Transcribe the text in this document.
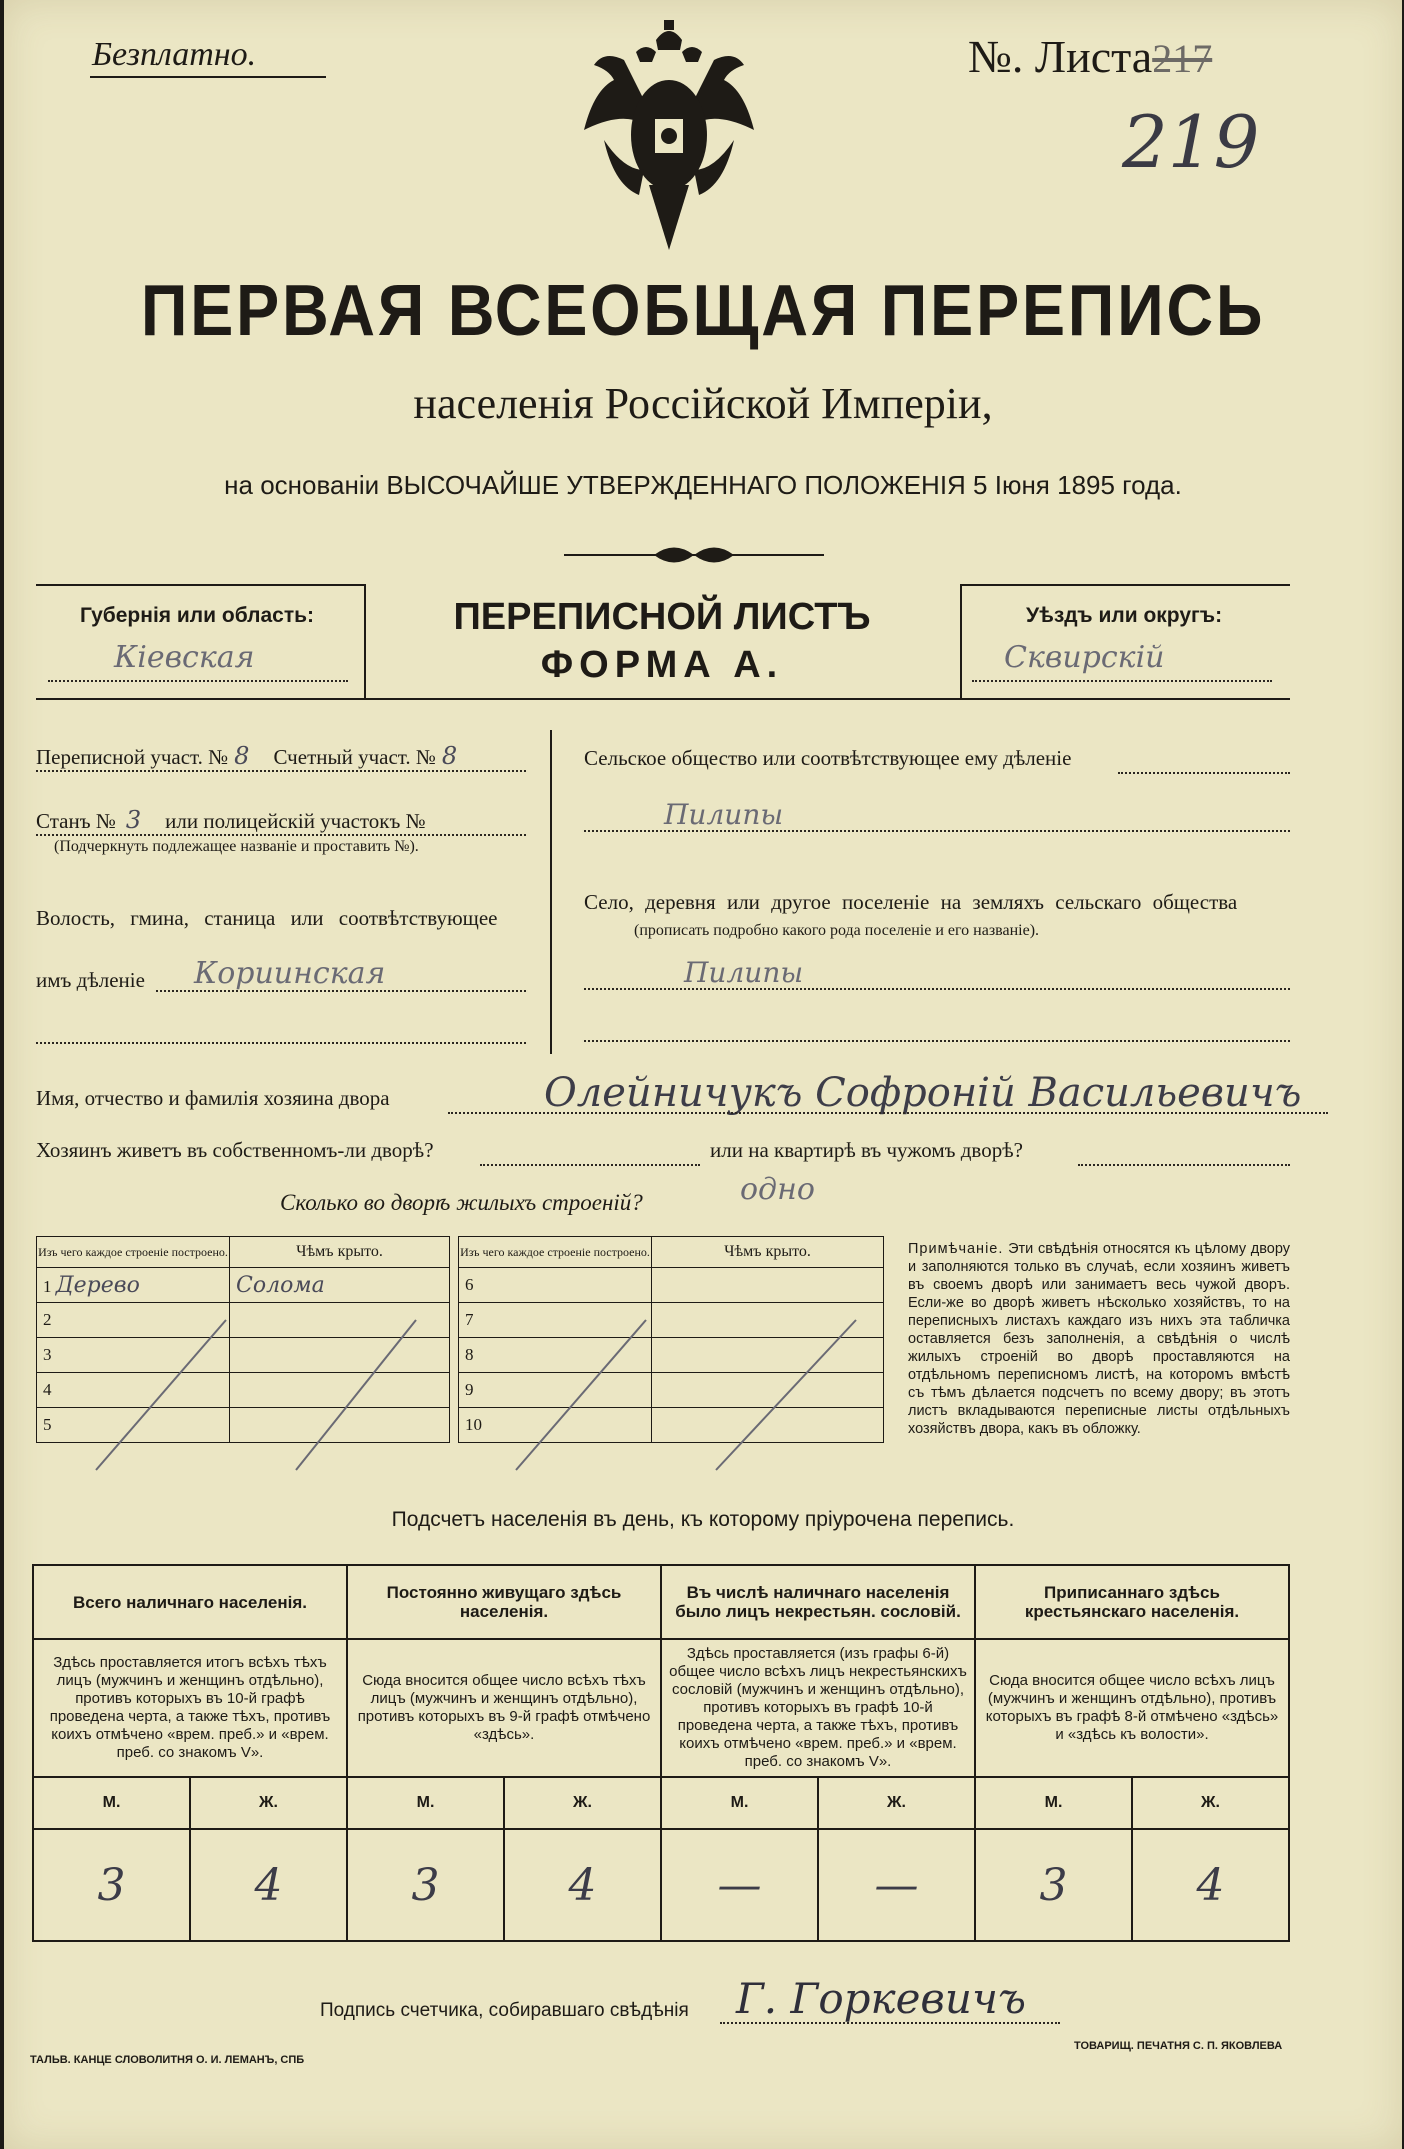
Безплатно.	№. Листа217
219
ПЕРВАЯ ВСЕОБЩАЯ ПЕРЕПИСЬ
населенія Россійской Имперіи,
на основаніи ВЫСОЧАЙШЕ УТВЕРЖДЕННАГО ПОЛОЖЕНІЯ 5 Іюня 1895 года.
Губернія или область:
Кіевская
ПЕРЕПИСНОЙ ЛИСТЪ
ФОРМА А.
Уѣздъ или округъ:
Сквирскій
Переписной участ. № 8 Счетный участ. № 8
Станъ № 3 или полицейскій участокъ №
(Подчеркнуть подлежащее названіе и проставить №).
Волость, гмина, станица или соотвѣтствующее
имъ дѣленіе Кориинская
Сельское общество или соотвѣтствующее ему дѣленіе
Пилипы
Село, деревня или другое поселеніе на земляхъ сельскаго общества
(прописать подробно какого рода поселеніе и его названіе).
Пилипы
Имя, отчество и фамилія хозяина двора	Олейничукъ Софроній Васильевичъ
Хозяинъ живетъ въ собственномъ-ли дворѣ?	или на квартирѣ въ чужомъ дворѣ?
Сколько во дворѣ жилыхъ строеній?	одно
Изъ чего каждое строеніе построено.	Чѣмъ крыто.
1 Дерево	Солома
2	
3	
4	
5	
Изъ чего каждое строеніе построено.	Чѣмъ крыто.
6	
7	
8	
9	
10	
Примѣчаніе. Эти свѣдѣнія относятся къ цѣлому двору и заполняются только въ случаѣ, если хозяинъ живетъ въ своемъ дворѣ или занимаетъ весь чужой дворъ. Если-же во дворѣ живетъ нѣсколько хозяйствъ, то на переписныхъ листахъ каждаго изъ нихъ эта табличка оставляется безъ заполненія, а свѣдѣнія о числѣ жилыхъ строеній во дворѣ проставляются на отдѣльномъ переписномъ листѣ, на которомъ вмѣстѣ съ тѣмъ дѣлается подсчетъ по всему двору; въ этотъ листъ вкладываются переписные листы отдѣльныхъ хозяйствъ двора, какъ въ обложку.
Подсчетъ населенія въ день, къ которому пріурочена перепись.
Всего наличнаго населенія.		Постоянно живущаго здѣсь населенія.		Въ числѣ наличнаго населенія было лицъ некрестьян. сословій.		Приписаннаго здѣсь крестьянскаго населенія.	
Здѣсь проставляется итогъ всѣхъ тѣхъ лицъ (мужчинъ и женщинъ отдѣльно), противъ которыхъ въ 10-й графѣ проведена черта, а также тѣхъ, противъ коихъ отмѣчено «врем. преб.» и «врем. преб. со знакомъ V».		Сюда вносится общее число всѣхъ тѣхъ лицъ (мужчинъ и женщинъ отдѣльно), противъ которыхъ въ 9-й графѣ отмѣчено «здѣсь».		Здѣсь проставляется (изъ графы 6-й) общее число всѣхъ лицъ некрестьянскихъ сословій (мужчинъ и женщинъ отдѣльно), противъ которыхъ въ графѣ 10-й проведена черта, а также тѣхъ, противъ коихъ отмѣчено «врем. преб.» и «врем. преб. со знакомъ V».		Сюда вносится общее число всѣхъ лицъ (мужчинъ и женщинъ отдѣльно), противъ которыхъ въ графѣ 8-й отмѣчено «здѣсь» и «здѣсь къ волости».	
М.	Ж.	М.	Ж.	М.	Ж.	М.	Ж.
3	4	3	4	—	—	3	4
Подпись счетчика, собиравшаго свѣдѣнія Г. Горкевичъ
ТАЛЬВ. КАНЦЕ СЛОВОЛИТНЯ О. И. ЛЕМАНЪ, СПБ
ТОВАРИЩ. ПЕЧАТНЯ С. П. ЯКОВЛЕВА
